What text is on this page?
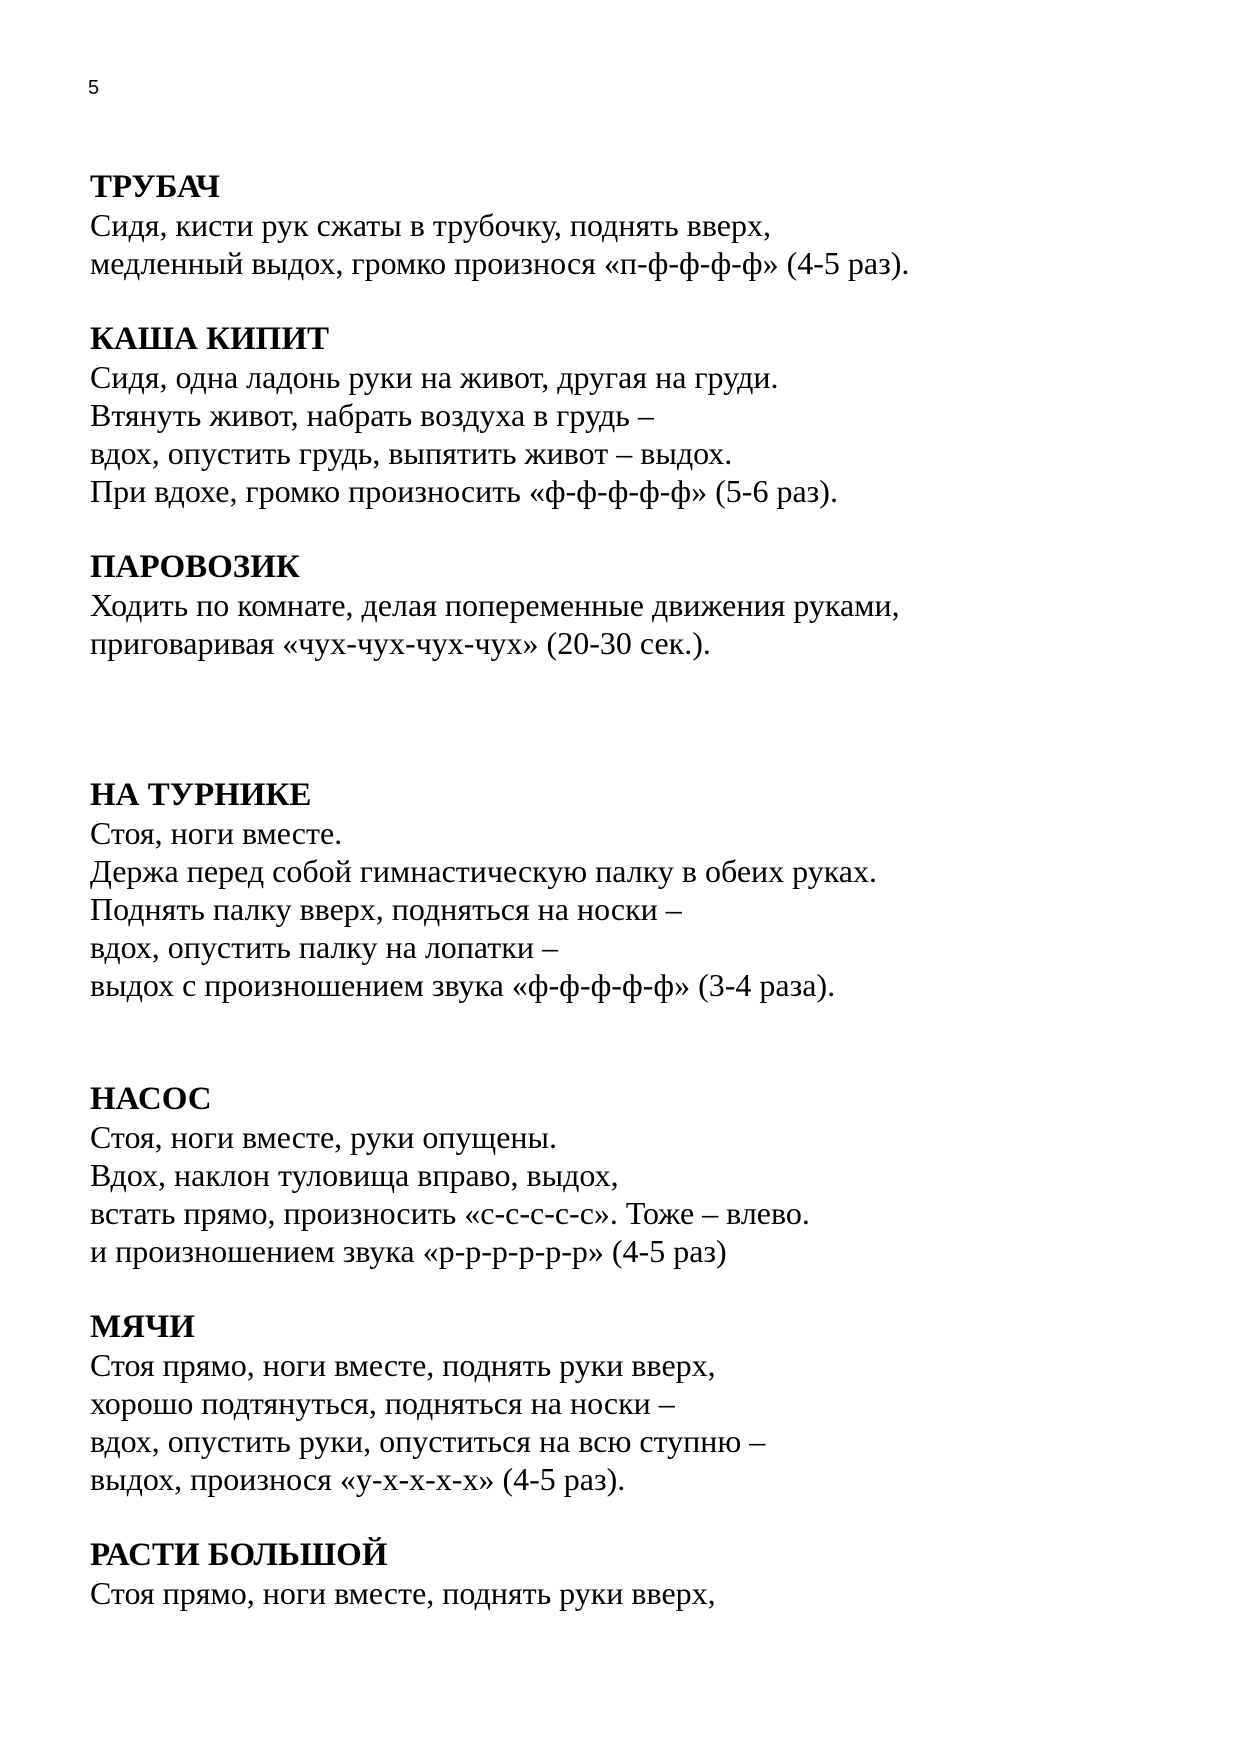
5
ТРУБАЧ
Сидя, кисти рук сжаты в трубочку, поднять вверх,
медленный выдох, громко произнося «п-ф-ф-ф-ф» (4-5 раз).
КАША КИПИТ
Сидя, одна ладонь руки на живот, другая на груди.
Втянуть живот, набрать воздуха в грудь –
вдох, опустить грудь, выпятить живот – выдох.
При вдохе, громко произносить «ф-ф-ф-ф-ф» (5-6 раз).
ПАРОВОЗИК
Ходить по комнате, делая попеременные движения руками,
приговаривая «чух-чух-чух-чух» (20-30 сек.).
НА ТУРНИКЕ
Стоя, ноги вместе.
Держа перед собой гимнастическую палку в обеих руках.
Поднять палку вверх, подняться на носки –
вдох, опустить палку на лопатки –
выдох с произношением звука «ф-ф-ф-ф-ф» (3-4 раза).
НАСОС
Стоя, ноги вместе, руки опущены.
Вдох, наклон туловища вправо, выдох,
встать прямо, произносить «с-с-с-с-с». Тоже – влево.
и произношением звука «р-р-р-р-р-р» (4-5 раз)
МЯЧИ
Стоя прямо, ноги вместе, поднять руки вверх,
хорошо подтянуться, подняться на носки –
вдох, опустить руки, опуститься на всю ступню –
выдох, произнося «у-х-х-х-х» (4-5 раз).
РАСТИ БОЛЬШОЙ
Стоя прямо, ноги вместе, поднять руки вверх,
